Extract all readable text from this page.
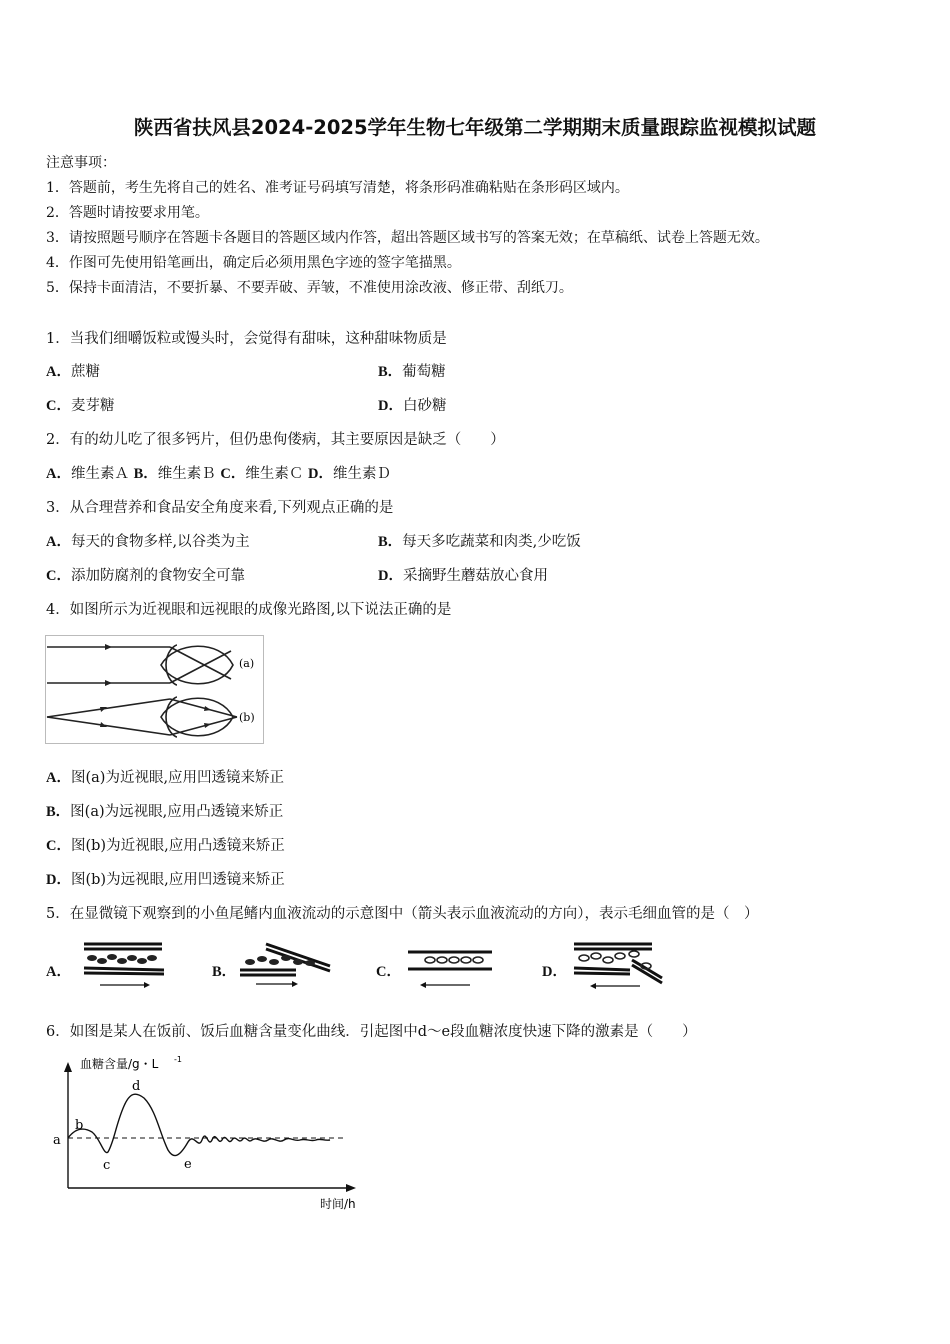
陕西省扶风县2024-2025学年生物七年级第二学期期末质量跟踪监视模拟试题
注意事项：
1．答题前，考生先将自己的姓名、准考证号码填写清楚，将条形码准确粘贴在条形码区域内。
2．答题时请按要求用笔。
3．请按照题号顺序在答题卡各题目的答题区域内作答，超出答题区域书写的答案无效；在草稿纸、试卷上答题无效。
4．作图可先使用铅笔画出，确定后必须用黑色字迹的签字笔描黑。
5．保持卡面清洁，不要折暴、不要弄破、弄皱，不准使用涂改液、修正带、刮纸刀。
1．当我们细嚼饭粒或馒头时，会觉得有甜味，这种甜味物质是
A．蔗糖	B．葡萄糖
C．麦芽糖	D．白砂糖
2．有的幼儿吃了很多钙片，但仍患佝偻病，其主要原因是缺乏（　　）
A．维生素Ａ B．维生素Ｂ C．维生素Ｃ D．维生素Ｄ
3．从合理营养和食品安全角度来看,下列观点正确的是
A．每天的食物多样,以谷类为主	B．每天多吃蔬菜和肉类,少吃饭
C．添加防腐剂的食物安全可靠	D．采摘野生蘑菇放心食用
4．如图所示为近视眼和远视眼的成像光路图,以下说法正确的是
(a)
(b)
A．图(a)为近视眼,应用凹透镜来矫正
B．图(a)为远视眼,应用凸透镜来矫正
C．图(b)为近视眼,应用凸透镜来矫正
D．图(b)为远视眼,应用凹透镜来矫正
5．在显微镜下观察到的小鱼尾鳍内血液流动的示意图中（箭头表示血液流动的方向），表示毛细血管的是（　）
A．	B．	C．	D．
6．如图是某人在饭前、饭后血糖含量变化曲线．引起图中d～e段血糖浓度快速下降的激素是（　　）
血糖含量/g・L -1
时间/h
a
b
c
d
e
